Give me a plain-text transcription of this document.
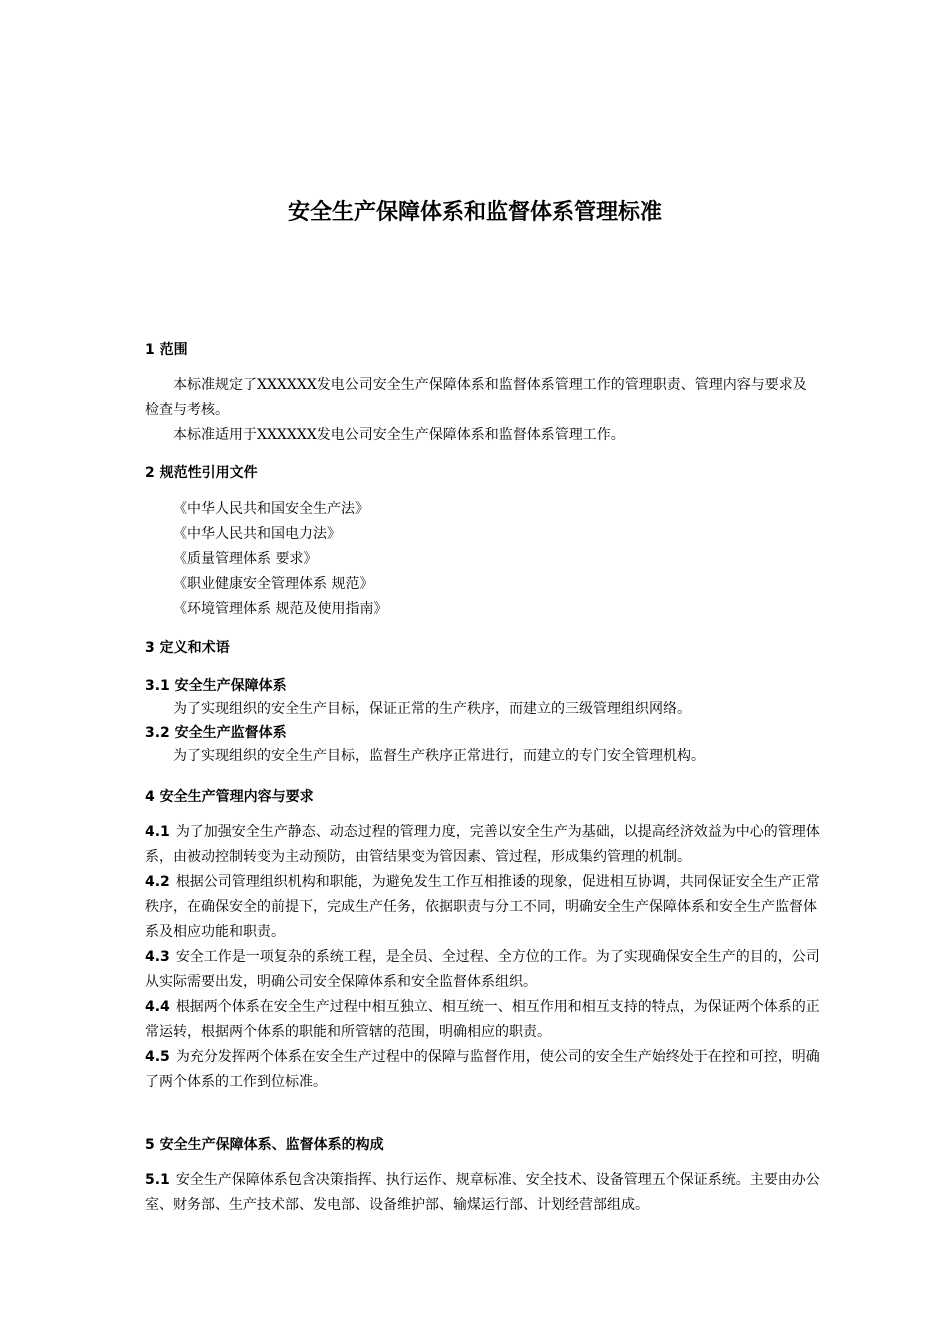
安全生产保障体系和监督体系管理标准

1 范围

本标准规定了XXXXXX发电公司安全生产保障体系和监督体系管理工作的管理职责、管理内容与要求及检查与考核。

本标准适用于XXXXXX发电公司安全生产保障体系和监督体系管理工作。

2 规范性引用文件

《中华人民共和国安全生产法》

《中华人民共和国电力法》

《质量管理体系 要求》

《职业健康安全管理体系 规范》

《环境管理体系 规范及使用指南》

3 定义和术语

3.1 安全生产保障体系

为了实现组织的安全生产目标，保证正常的生产秩序，而建立的三级管理组织网络。

3.2 安全生产监督体系

为了实现组织的安全生产目标，监督生产秩序正常进行，而建立的专门安全管理机构。

4 安全生产管理内容与要求

4.1 为了加强安全生产静态、动态过程的管理力度，完善以安全生产为基础，以提高经济效益为中心的管理体系，由被动控制转变为主动预防，由管结果变为管因素、管过程，形成集约管理的机制。

4.2 根据公司管理组织机构和职能，为避免发生工作互相推诿的现象，促进相互协调，共同保证安全生产正常秩序，在确保安全的前提下，完成生产任务，依据职责与分工不同，明确安全生产保障体系和安全生产监督体系及相应功能和职责。

4.3 安全工作是一项复杂的系统工程，是全员、全过程、全方位的工作。为了实现确保安全生产的目的，公司从实际需要出发，明确公司安全保障体系和安全监督体系组织。

4.4 根据两个体系在安全生产过程中相互独立、相互统一、相互作用和相互支持的特点，为保证两个体系的正常运转，根据两个体系的职能和所管辖的范围，明确相应的职责。

4.5 为充分发挥两个体系在安全生产过程中的保障与监督作用，使公司的安全生产始终处于在控和可控，明确了两个体系的工作到位标准。

5 安全生产保障体系、监督体系的构成

5.1 安全生产保障体系包含决策指挥、执行运作、规章标准、安全技术、设备管理五个保证系统。主要由办公室、财务部、生产技术部、发电部、设备维护部、输煤运行部、计划经营部组成。
